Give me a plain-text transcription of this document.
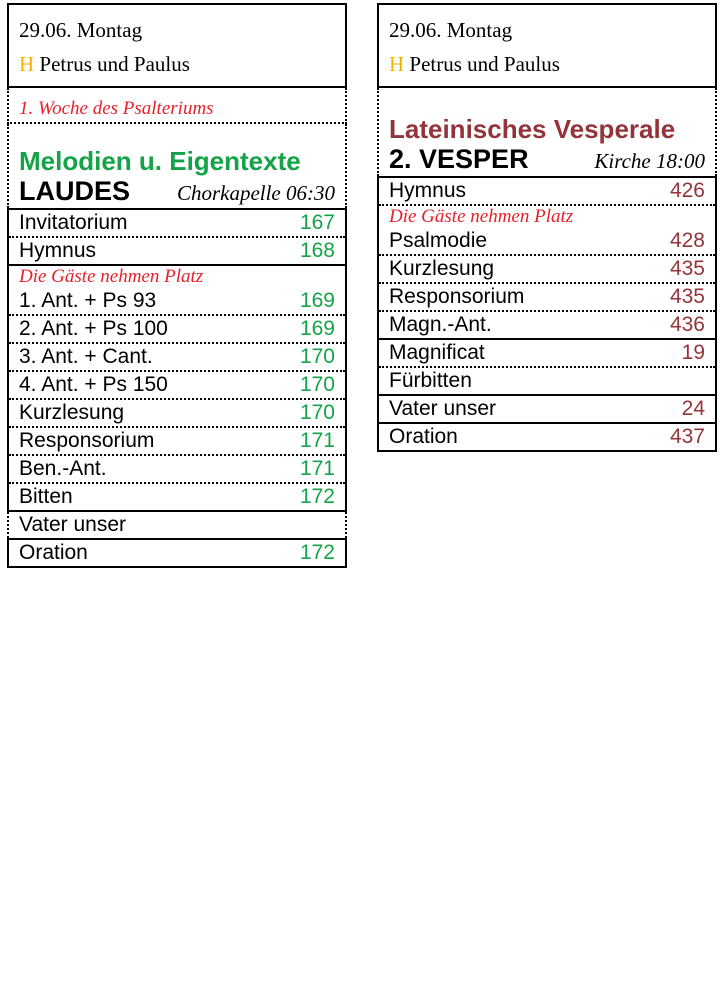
29.06. Montag
H Petrus und Paulus
1. Woche des Psalteriums
Melodien u. Eigentexte
LAUDES Chorkapelle 06:30
Invitatorium	167
Hymnus	168
Die Gäste nehmen Platz
1. Ant. + Ps 93	169
2. Ant. + Ps 100	169
3. Ant. + Cant.	170
4. Ant. + Ps 150	170
Kurzlesung	170
Responsorium	171
Ben.-Ant.	171
Bitten	172
Vater unser
Oration	172
29.06. Montag
H Petrus und Paulus
Lateinisches Vesperale
2. VESPER	Kirche 18:00
Hymnus	426
Die Gäste nehmen Platz
Psalmodie	428
Kurzlesung	435
Responsorium	435
Magn.-Ant.	436
Magnificat	19
Fürbitten
Vater unser	24
Oration	437
